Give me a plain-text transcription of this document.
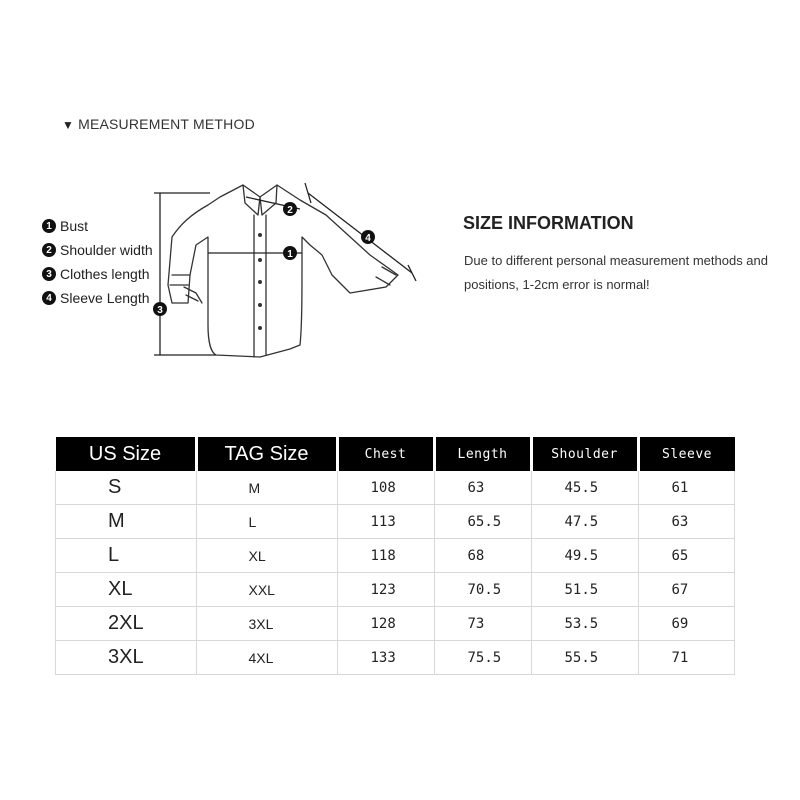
▼ MEASUREMENT METHOD
1 Bust
2 Shoulder width
3 Clothes length
4 Sleeve Length
1
2
3
4
SIZE INFORMATION
Due to different personal measurement methods and positions, 1-2cm error is normal!
US Size	TAG Size	Chest	Length	Shoulder	Sleeve
S	M	108	63	45.5	61
M	L	113	65.5	47.5	63
L	XL	118	68	49.5	65
XL	XXL	123	70.5	51.5	67
2XL	3XL	128	73	53.5	69
3XL	4XL	133	75.5	55.5	71
